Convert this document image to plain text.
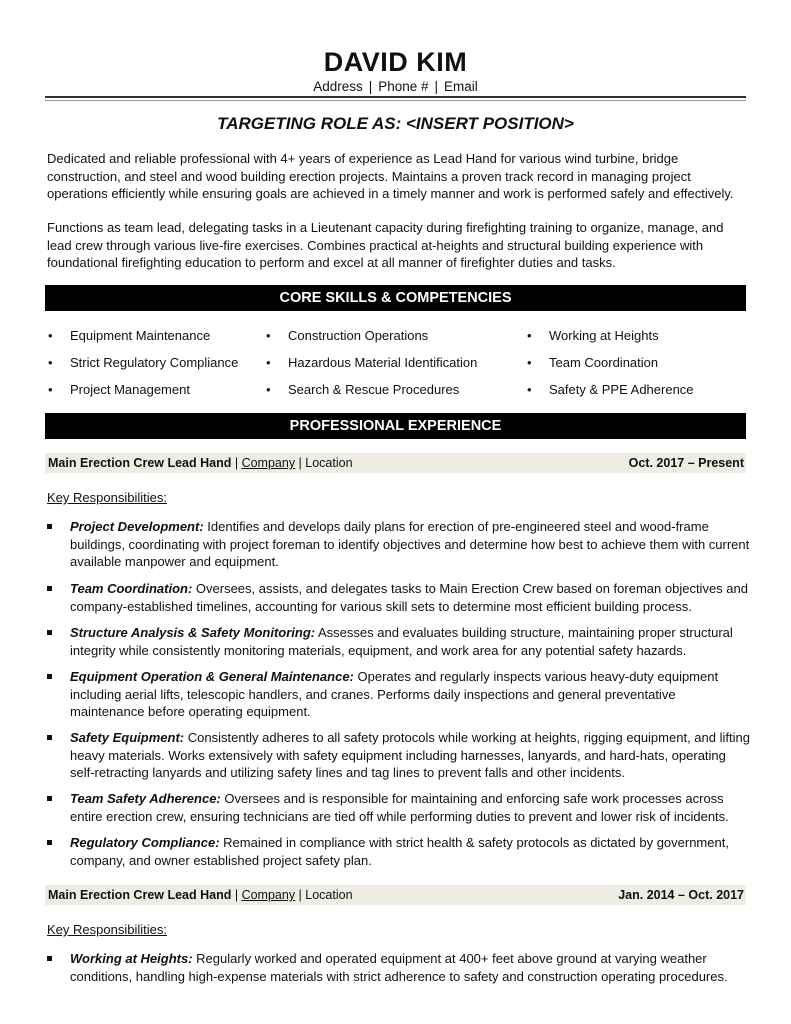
DAVID KIM
Address | Phone # | Email
TARGETING ROLE AS: <INSERT POSITION>

Dedicated and reliable professional with 4+ years of experience as Lead Hand for various wind turbine, bridge construction, and steel and wood building erection projects. Maintains a proven track record in managing project operations efficiently while ensuring goals are achieved in a timely manner and work is performed safely and effectively.

Functions as team lead, delegating tasks in a Lieutenant capacity during firefighting training to organize, manage, and lead crew through various live-fire exercises. Combines practical at-heights and structural building experience with foundational firefighting education to perform and excel at all manner of firefighter duties and tasks.

CORE SKILLS & COMPETENCIES
• Equipment Maintenance
• Strict Regulatory Compliance
• Project Management
• Construction Operations
• Hazardous Material Identification
• Search & Rescue Procedures
• Working at Heights
• Team Coordination
• Safety & PPE Adherence
PROFESSIONAL EXPERIENCE
Main Erection Crew Lead Hand | Company | Location	Oct. 2017 – Present
Key Responsibilities:
Project Development: Identifies and develops daily plans for erection of pre-engineered steel and wood-frame buildings, coordinating with project foreman to identify objectives and determine how best to achieve them with current available manpower and equipment.
Team Coordination: Oversees, assists, and delegates tasks to Main Erection Crew based on foreman objectives and company-established timelines, accounting for various skill sets to determine most efficient building process.
Structure Analysis & Safety Monitoring: Assesses and evaluates building structure, maintaining proper structural integrity while consistently monitoring materials, equipment, and work area for any potential safety hazards.
Equipment Operation & General Maintenance: Operates and regularly inspects various heavy-duty equipment including aerial lifts, telescopic handlers, and cranes. Performs daily inspections and general preventative maintenance before operating equipment.
Safety Equipment: Consistently adheres to all safety protocols while working at heights, rigging equipment, and lifting heavy materials. Works extensively with safety equipment including harnesses, lanyards, and hard-hats, operating self-retracting lanyards and utilizing safety lines and tag lines to prevent falls and other incidents.
Team Safety Adherence: Oversees and is responsible for maintaining and enforcing safe work processes across entire erection crew, ensuring technicians are tied off while performing duties to prevent and lower risk of incidents.
Regulatory Compliance: Remained in compliance with strict health & safety protocols as dictated by government, company, and owner established project safety plan.
Main Erection Crew Lead Hand | Company | Location	Jan. 2014 – Oct. 2017
Key Responsibilities:
Working at Heights: Regularly worked and operated equipment at 400+ feet above ground at varying weather conditions, handling high-expense materials with strict adherence to safety and construction operating procedures.
